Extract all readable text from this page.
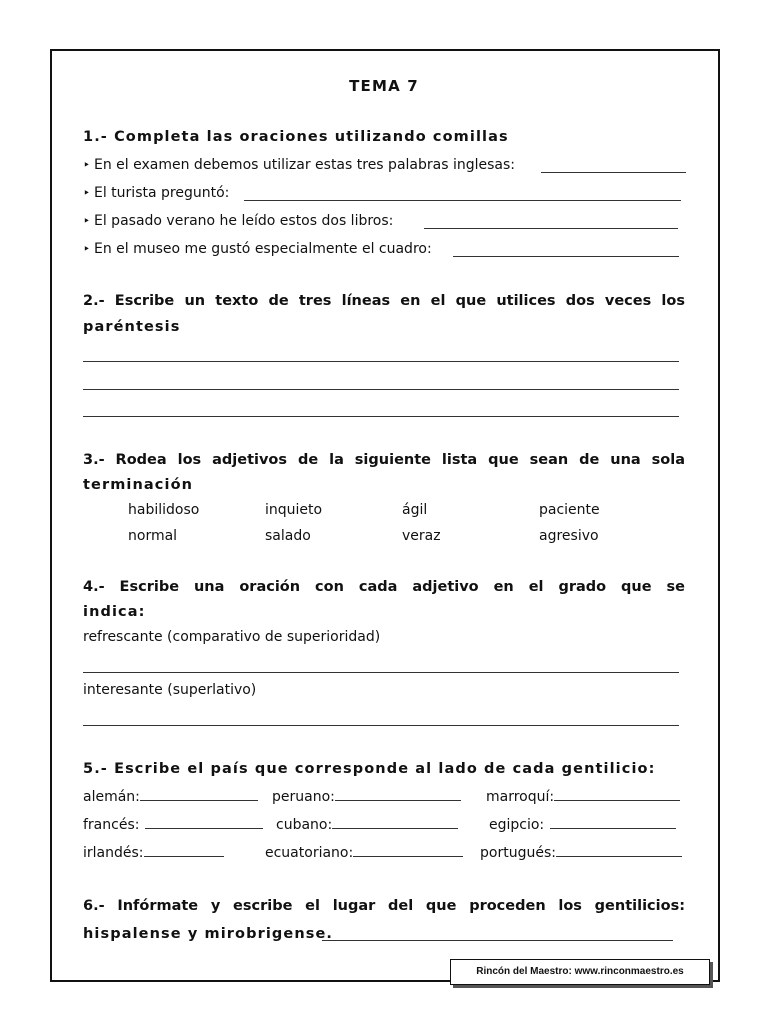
TEMA 7
1.- Completa las oraciones utilizando comillas
‣ En el examen debemos utilizar estas tres palabras inglesas:
‣ El turista preguntó:
‣ El pasado verano he leído estos dos libros:
‣ En el museo me gustó especialmente el cuadro:
2.- Escribe un texto de tres líneas en el que utilices dos veces los
paréntesis
3.- Rodea los adjetivos de la siguiente lista que sean de una sola
terminación
habilidoso	inquieto	ágil	paciente
normal	salado	veraz	agresivo
4.- Escribe una oración con cada adjetivo en el grado que se
indica:
refrescante (comparativo de superioridad)
interesante (superlativo)
5.- Escribe el país que corresponde al lado de cada gentilicio:
alemán:	peruano:	marroquí:
francés:	cubano:	egipcio:
irlandés:	ecuatoriano:	portugués:
6.- Infórmate y escribe el lugar del que proceden los gentilicios:
hispalense y mirobrigense.
Rincón del Maestro: www.rinconmaestro.es
